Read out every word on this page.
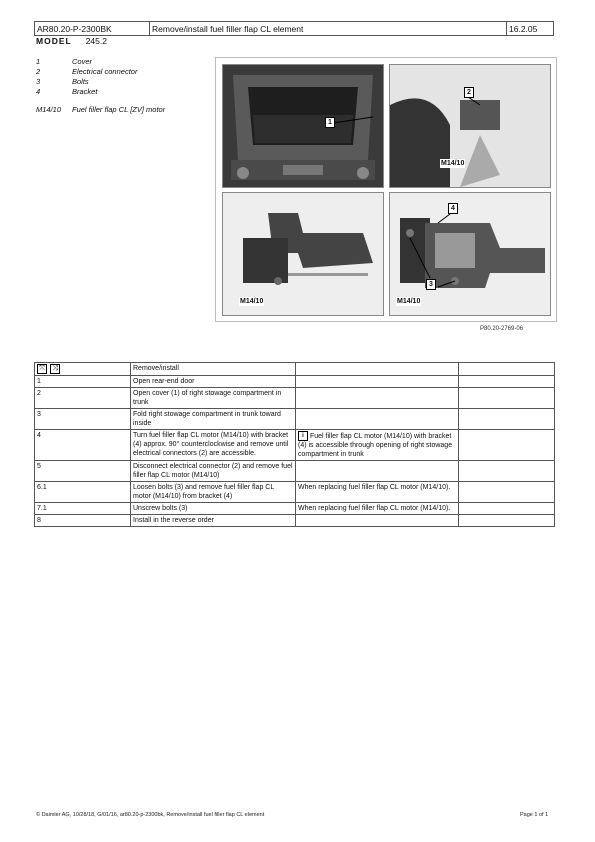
AR80.20-P-2300BK	Remove/install fuel filler flap CL element	16.2.05
MODEL 245.2
1	Cover
2	Electrical connector
3	Bolts
4	Bracket
M14/10	Fuel filler flap CL [ZV] motor
1
2
M14/10
M14/10
4
3
M14/10
P80.20-2769-06
⤧ ⤨	Remove/install		
1	Open rear-end door		
2	Open cover (1) of right stowage compartment in trunk		
3	Fold right stowage compartment in trunk toward inside		
4	Turn fuel filler flap CL motor (M14/10) with bracket (4) approx. 90° counterclockwise and remove until electrical connectors (2) are accessible.	i Fuel filler flap CL motor (M14/10) with bracket (4) is accessible through opening of right stowage compartment in trunk	
5	Disconnect electrical connector (2) and remove fuel filler flap CL motor (M14/10)		
6.1	Loosen bolts (3) and remove fuel filler flap CL motor (M14/10) from bracket (4)	When replacing fuel filler flap CL motor (M14/10).	
7.1	Unscrew bolts (3)	When replacing fuel filler flap CL motor (M14/10).	
8	Install in the reverse order		
© Daimler AG, 10/28/18, G/01/16, ar80.20-p-2300bk, Remove/install fuel filler flap CL element	Page 1 of 1
